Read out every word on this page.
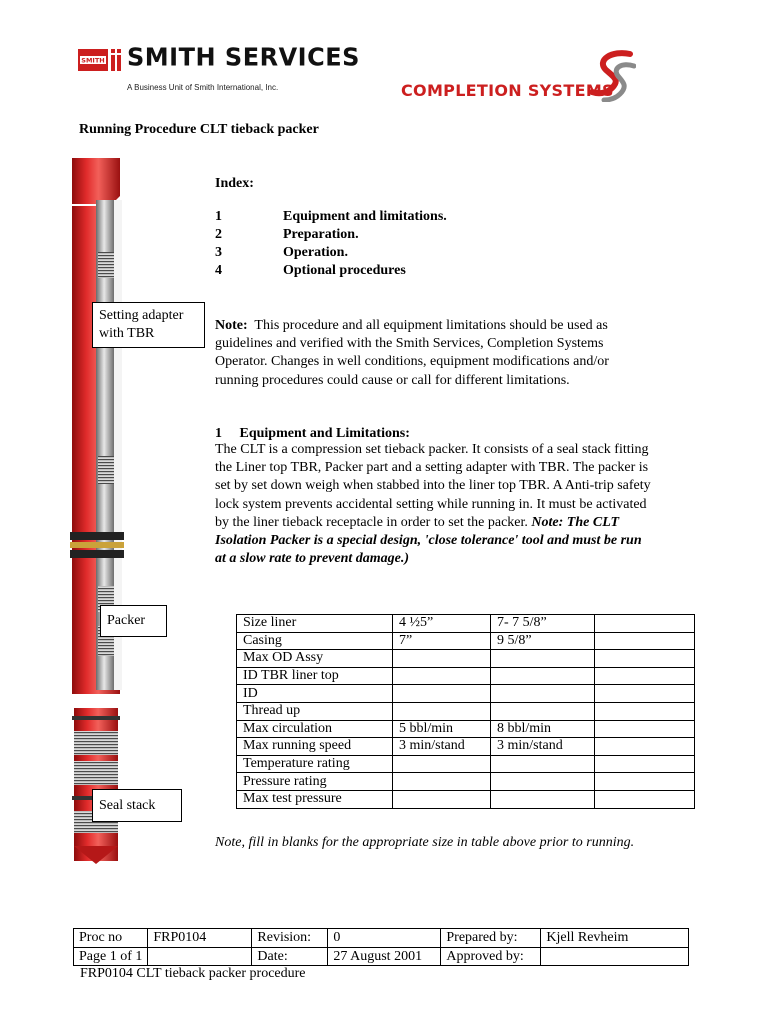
SMITH SMITH SERVICES
A Business Unit of Smith International, Inc.	COMPLETION SYSTEMS
Running Procedure CLT tieback packer
Setting adapter
with TBR
Packer
Seal stack
Index:
1	Equipment and limitations.
2	Preparation.
3	Operation.
4	Optional procedures
Note: This procedure and all equipment limitations should be used as
guidelines and verified with the Smith Services, Completion Systems
Operator. Changes in well conditions, equipment modifications and/or
running procedures could cause or call for different limitations.
1  Equipment and Limitations:
The CLT is a compression set tieback packer. It consists of a seal stack fitting
the Liner top TBR, Packer part and a setting adapter with TBR. The packer is
set by set down weigh when stabbed into the liner top TBR. A Anti-trip safety
lock system prevents accidental setting while running in. It must be activated
by the liner tieback receptacle in order to set the packer. Note: The CLT
Isolation Packer is a special design, 'close tolerance' tool and must be run
at a slow rate to prevent damage.)
Size liner	4 ½5”	7- 7 5/8”	
Casing	7”	9 5/8”	
Max OD Assy			
ID TBR liner top			
ID			
Thread up			
Max circulation	5 bbl/min	8 bbl/min	
Max running speed	3 min/stand	3 min/stand	
Temperature rating			
Pressure rating			
Max test pressure			
Note, fill in blanks for the appropriate size in table above prior to running.
Proc no	FRP0104	Revision:	0	Prepared by:	Kjell Revheim
Page 1 of 1		Date:	27 August 2001	Approved by:	
FRP0104 CLT tieback packer procedure
